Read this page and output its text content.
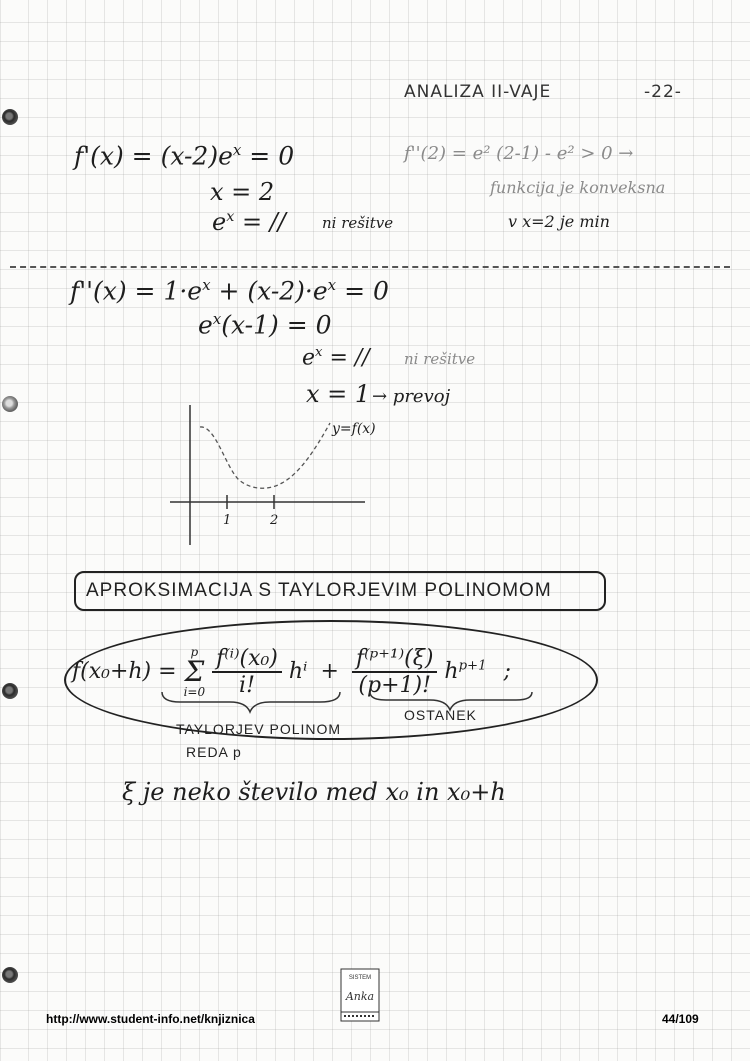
ANALIZA II-VAJE	-22-
$f'(x) = (x-2)e^x = 0$
x = 2
$e^x$ = // ni rešitve
f''(2) = e² (2-1) - e² > 0 →
funkcija je konveksna
v x=2 je min
$f''(x) = 1\cdot e^x + (x-2)\cdot e^x = 0$
$e^x(x-1) = 0$
$e^x$ = // ni rešitve
x = 1 → prevoj
y=f(x)
1	2
APROKSIMACIJA S TAYLORJEVIM POLINOMOM
f(x₀+h) =
p
Σ
i=0
$\frac{\text{f⁽ⁱ⁾(x₀)}}{i!}$ $h^i + \frac{\text{f⁽ᵖ⁺¹⁾(ξ)}}{(p+1)!} h^{p+1}$ ;
TAYLORJEV POLINOM
REDA p
OSTANEK
ξ je neko število med x₀ in x₀+h
SISTEM
Anka
http://www.student-info.net/knjiznica	44/109
